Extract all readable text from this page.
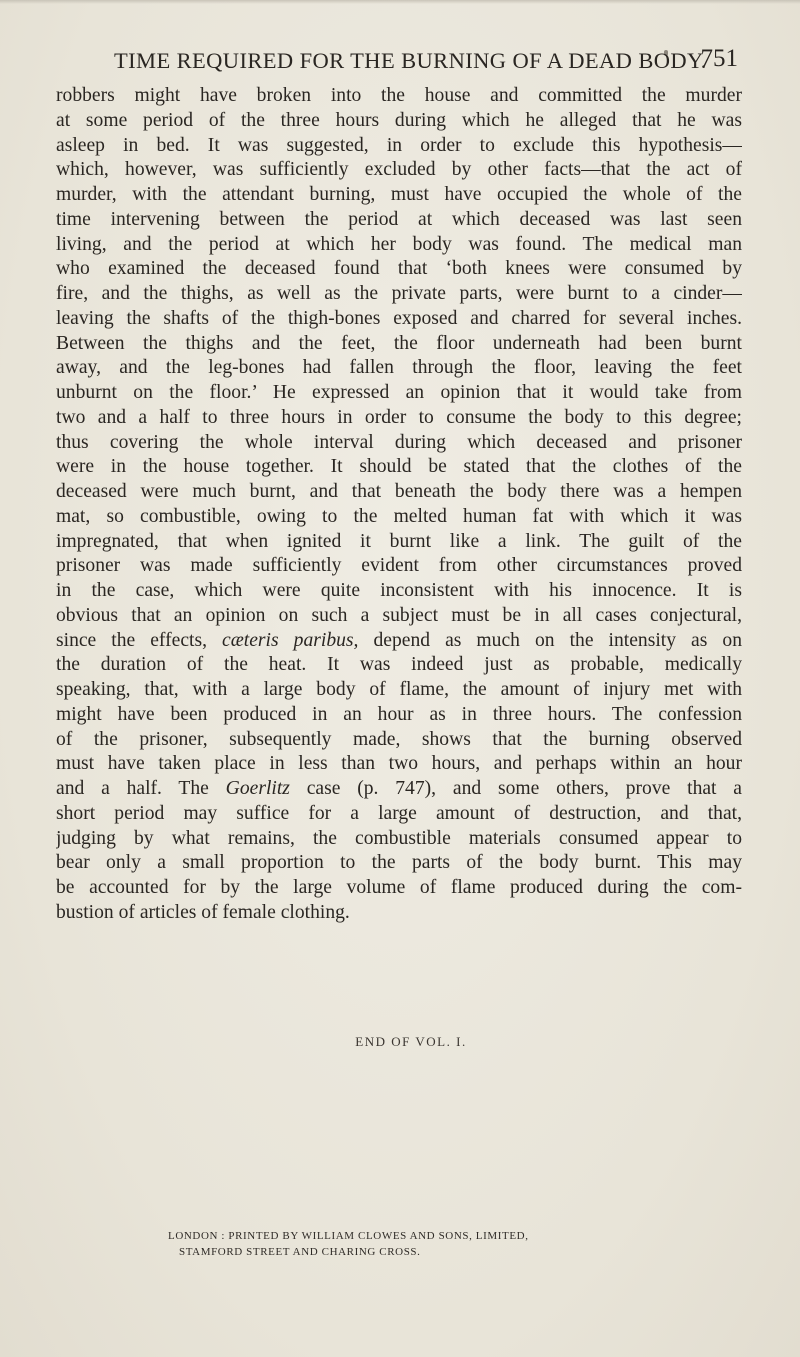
TIME REQUIRED FOR THE BURNING OF A DEAD BODY.
751
robbers might have broken into the house and committed the murder
at some period of the three hours during which he alleged that he was
asleep in bed. It was suggested, in order to exclude this hypothesis—
which, however, was sufficiently excluded by other facts—that the act of
murder, with the attendant burning, must have occupied the whole of the
time intervening between the period at which deceased was last seen
living, and the period at which her body was found. The medical man
who examined the deceased found that ‘both knees were consumed by
fire, and the thighs, as well as the private parts, were burnt to a cinder—
leaving the shafts of the thigh-bones exposed and charred for several inches.
Between the thighs and the feet, the floor underneath had been burnt
away, and the leg-bones had fallen through the floor, leaving the feet
unburnt on the floor.’ He expressed an opinion that it would take from
two and a half to three hours in order to consume the body to this degree;
thus covering the whole interval during which deceased and prisoner
were in the house together. It should be stated that the clothes of the
deceased were much burnt, and that beneath the body there was a hempen
mat, so combustible, owing to the melted human fat with which it was
impregnated, that when ignited it burnt like a link. The guilt of the
prisoner was made sufficiently evident from other circumstances proved
in the case, which were quite inconsistent with his innocence. It is
obvious that an opinion on such a subject must be in all cases conjectural,
since the effects, cæteris paribus, depend as much on the intensity as on
the duration of the heat. It was indeed just as probable, medically
speaking, that, with a large body of flame, the amount of injury met with
might have been produced in an hour as in three hours. The confession
of the prisoner, subsequently made, shows that the burning observed
must have taken place in less than two hours, and perhaps within an hour
and a half. The Goerlitz case (p. 747), and some others, prove that a
short period may suffice for a large amount of destruction, and that,
judging by what remains, the combustible materials consumed appear to
bear only a small proportion to the parts of the body burnt. This may
be accounted for by the large volume of flame produced during the com-
bustion of articles of female clothing.
END OF VOL. I.
LONDON : PRINTED BY WILLIAM CLOWES AND SONS, LIMITED,
STAMFORD STREET AND CHARING CROSS.
